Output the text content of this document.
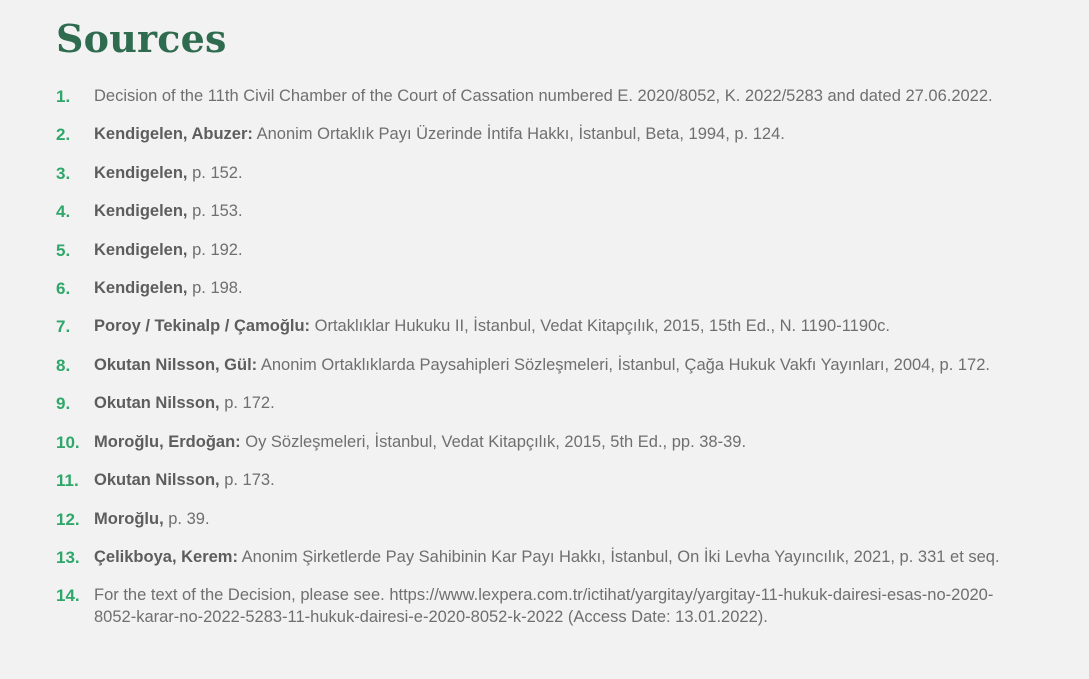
Sources
1.	Decision of the 11th Civil Chamber of the Court of Cassation numbered E. 2020/8052, K. 2022/5283 and dated 27.06.2022.
2.	Kendigelen, Abuzer: Anonim Ortaklık Payı Üzerinde İntifa Hakkı, İstanbul, Beta, 1994, p. 124.
3.	Kendigelen, p. 152.
4.	Kendigelen, p. 153.
5.	Kendigelen, p. 192.
6.	Kendigelen, p. 198.
7.	Poroy / Tekinalp / Çamoğlu: Ortaklıklar Hukuku II, İstanbul, Vedat Kitapçılık, 2015, 15th Ed., N. 1190-1190c.
8.	Okutan Nilsson, Gül: Anonim Ortaklıklarda Paysahipleri Sözleşmeleri, İstanbul, Çağa Hukuk Vakfı Yayınları, 2004, p. 172.
9.	Okutan Nilsson, p. 172.
10. Moroğlu, Erdoğan: Oy Sözleşmeleri, İstanbul, Vedat Kitapçılık, 2015, 5th Ed., pp. 38-39.
11. Okutan Nilsson, p. 173.
12. Moroğlu, p. 39.
13. Çelikboya, Kerem: Anonim Şirketlerde Pay Sahibinin Kar Payı Hakkı, İstanbul, On İki Levha Yayıncılık, 2021, p. 331 et seq.
14. For the text of the Decision, please see. https://www.lexpera.com.tr/ictihat/yargitay/yargitay-11-hukuk-dairesi-esas-no-2020-8052-karar-no-2022-5283-11-hukuk-dairesi-e-2020-8052-k-2022 (Access Date: 13.01.2022).
